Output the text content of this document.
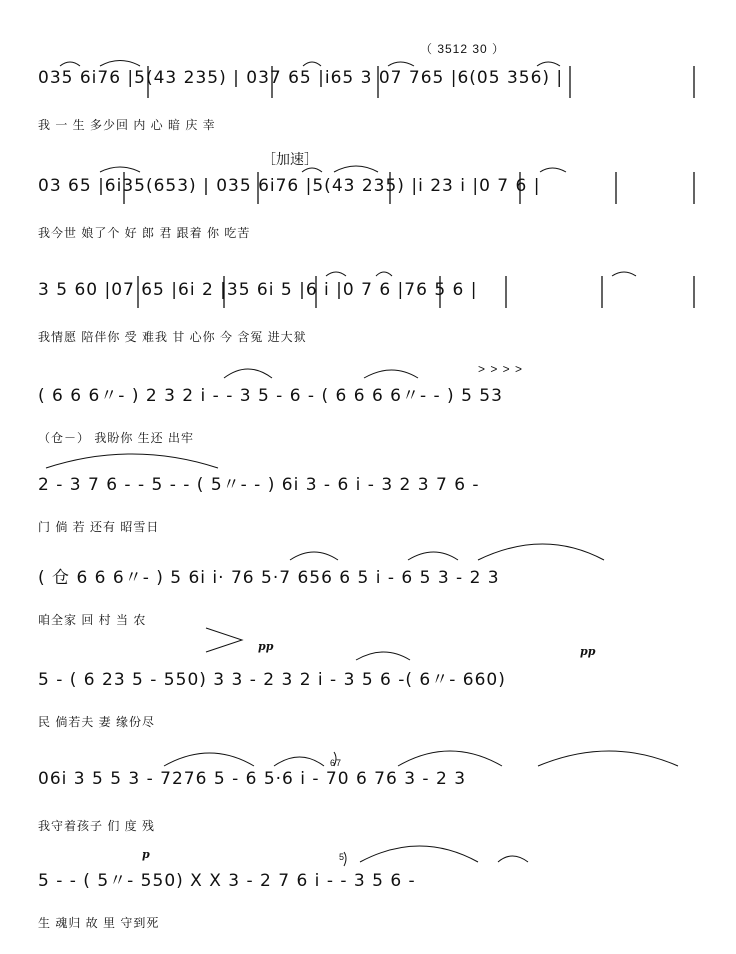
035 6i76 |5(43 235) | 037 65 |i65 3 07 765 |6(05 356) |
我 一 生 多少回 内 心 暗 庆 幸
（ 3512 30 ）
03 65 |6i35(653) | 035 6i76 |5(43 235) |i 23 i |0 7 6 |
我今世 娘了个 好 郎 君 跟着 你 吃苦
［加速］
3 5 60 |07 65 |6i 2 |35 6i 5 |6 i |0 7 6 |76 5 6 |
我情愿 陪伴你 受 难我 甘 心你 今 含冤 进大狱
( 6 6 6〃- ) 2 3 2 i - - 3 5 - 6 - ( 6 6 6 6〃- - ) 5 53
（仓－） 我盼你 生还 出牢
> > > >
2 - 3 7 6 - - 5 - - ( 5〃- - ) 6i 3 - 6 i - 3 2 3 7 6 -
门 倘 若 还有 昭雪日
( 仓 6 6 6〃- ) 5 6i i· 76 5·7 656 6 5 i - 6 5 3 - 2 3
咱全家 回 村 当 农
5 - ( 6 23 5 - 550) 3 3 - 2 3 2 i - 3 5 6 -( 6〃- 660)
民 倘若夫 妻 缘份尽
pp	pp
06i 3 5 5 3 - 7276 5 - 6 5·6 i - 70 6 76 3 - 2 3
我守着孩子 们 度 残
67
5 - - ( 5〃- 550) X X 3 - 2 7 6 i - - 3 5 6 -
生 魂归 故 里 守到死
p	5
